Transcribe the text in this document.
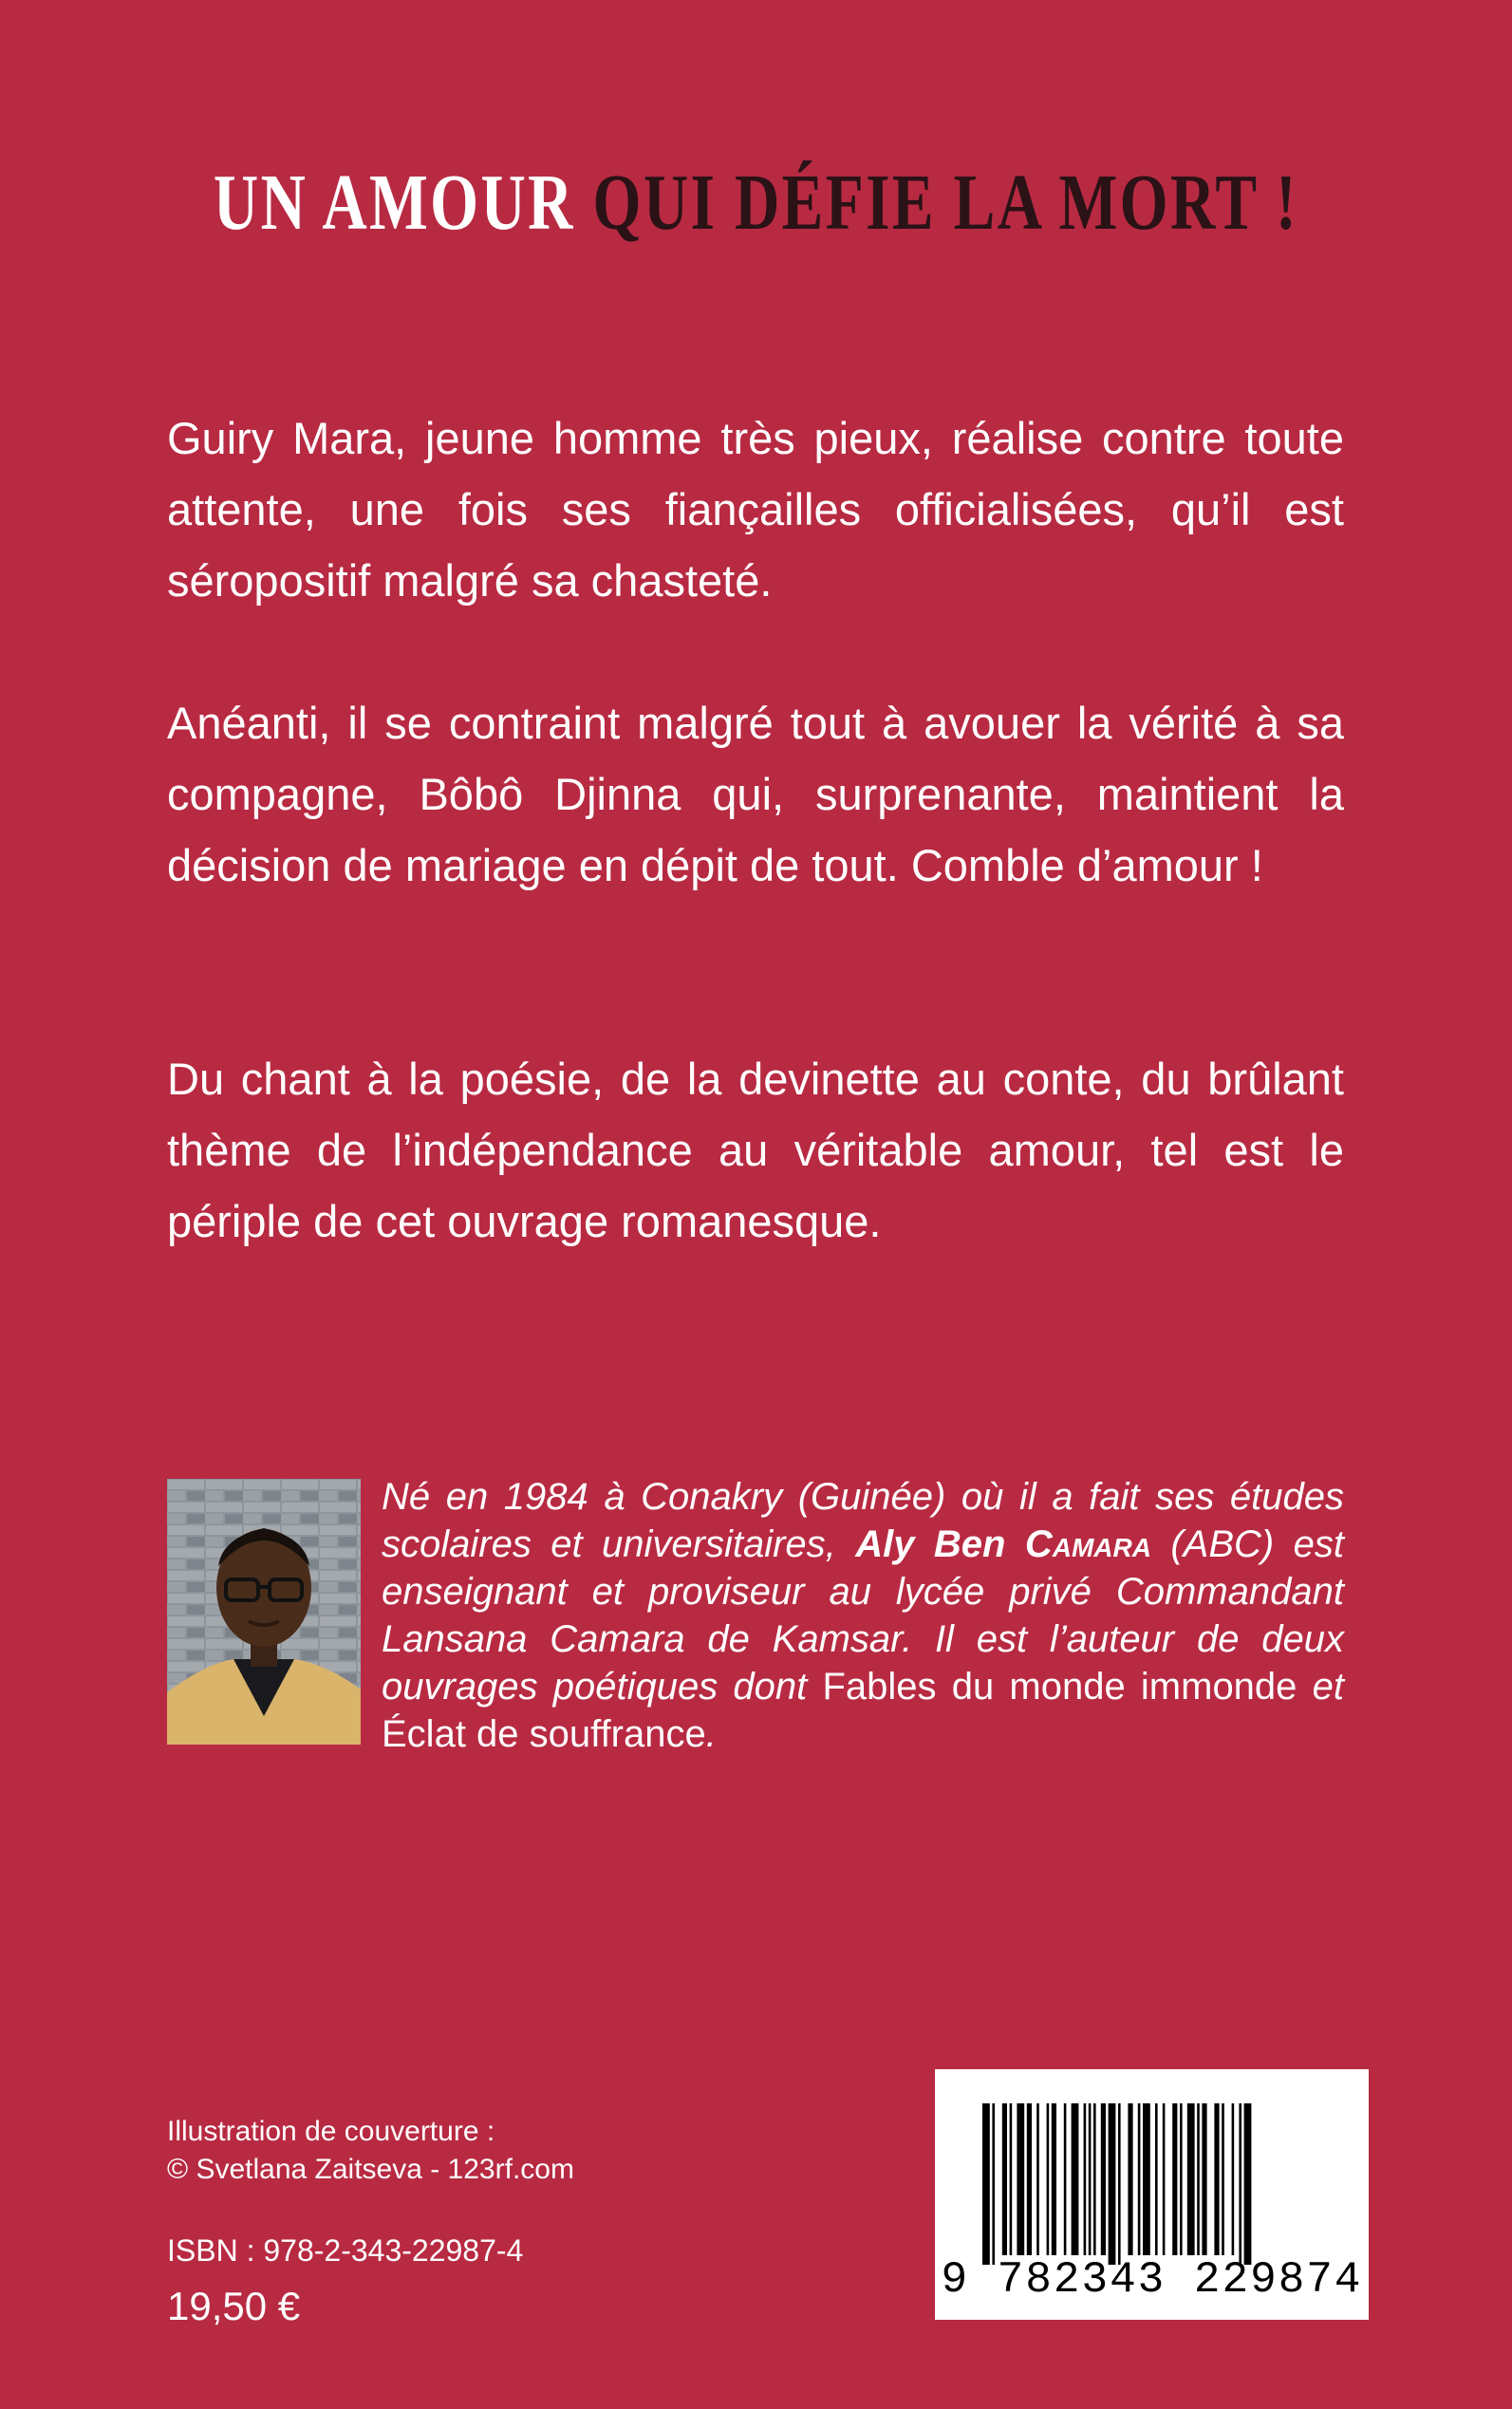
UN AMOUR QUI DÉFIE LA MORT !
Guiry Mara, jeune homme très pieux, réalise contre toute attente, une fois ses fiançailles officialisées, qu’il est séropositif malgré sa chasteté.
Anéanti, il se contraint malgré tout à avouer la vérité à sa compagne, Bôbô Djinna qui, surprenante, maintient la décision de mariage en dépit de tout. Comble d’amour !
Du chant à la poésie, de la devinette au conte, du brûlant thème de l’indépendance au véritable amour, tel est le périple de cet ouvrage romanesque.
Né en 1984 à Conakry (Guinée) où il a fait ses études scolaires et universitaires, Aly Ben Camara (ABC) est enseignant et proviseur au lycée privé Commandant Lansana Camara de Kamsar. Il est l’auteur de deux ouvrages poétiques dont Fables du monde immonde et Éclat de souffrance.
Illustration de couverture :
© Svetlana Zaitseva - 123rf.com
ISBN : 978-2-343-22987-4
19,50 €
9 782343 229874
